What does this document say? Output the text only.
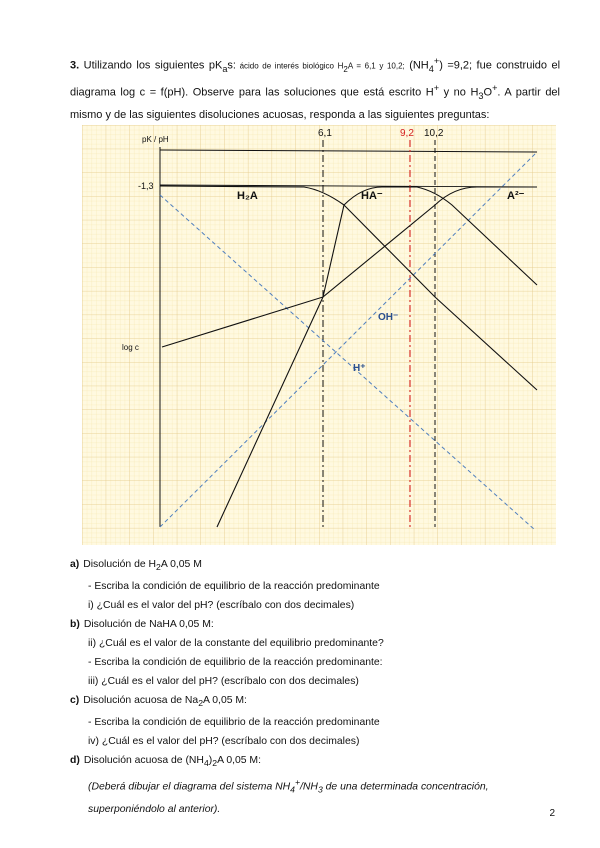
3. Utilizando los siguientes $pK_as$: ácido de interés biológico $H_2A = 6,1$ y 10,2; $(NH_4^+) =9,2$; fue construido el diagrama log c = f(pH). Observe para las soluciones que está escrito H+ y no $H_3O^+$. A partir del mismo y de las siguientes disoluciones acuosas, responda a las siguientes preguntas:
pK / pH
-1,3
log c
6,1	9,2 10,2
H₂A	HA⁻	A²⁻
OH⁻
H⁺
a) Disolución de $H_2A$ 0,05 M
- Escriba la condición de equilibrio de la reacción predominante
i) ¿Cuál es el valor del pH? (escríbalo con dos decimales)
b) Disolución de NaHA 0,05 M:
ii) ¿Cuál es el valor de la constante del equilibrio predominante?
- Escriba la condición de equilibrio de la reacción predominante:
iii) ¿Cuál es el valor del pH? (escríbalo con dos decimales)
c) Disolución acuosa de $Na_2A$ 0,05 M:
- Escriba la condición de equilibrio de la reacción predominante
iv) ¿Cuál es el valor del pH? (escríbalo con dos decimales)
d) Disolución acuosa de $(NH_4)_2A$ 0,05 M:
(Deberá dibujar el diagrama del sistema $NH_4^+/NH_3$ de una determinada concentración,
superponiéndolo al anterior).	2
